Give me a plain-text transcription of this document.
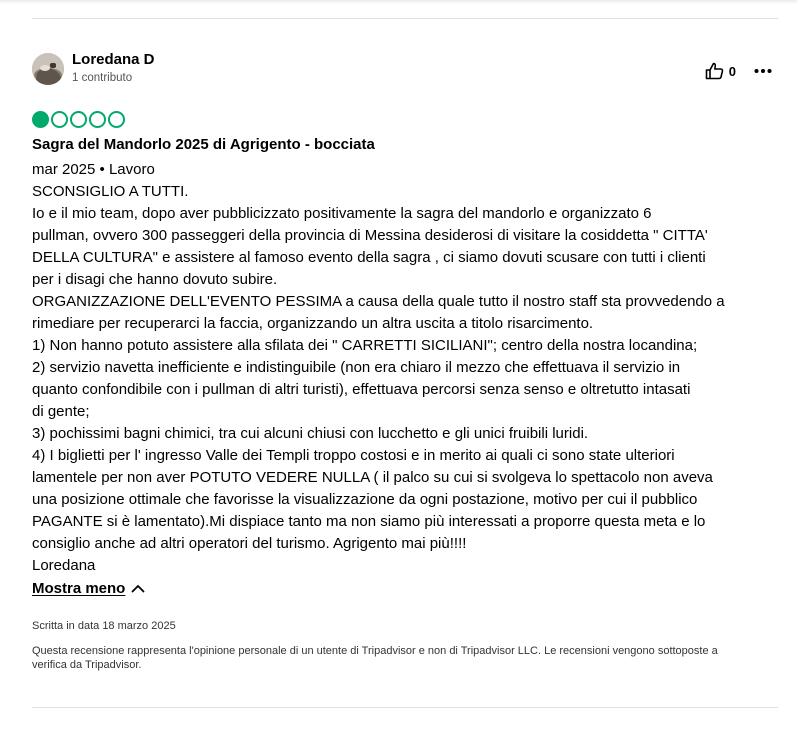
Loredana D
1 contributo	0
Sagra del Mandorlo 2025 di Agrigento - bocciata
mar 2025 • Lavoro
SCONSIGLIO A TUTTI.
Io e il mio team, dopo aver pubblicizzato positivamente la sagra del mandorlo e organizzato 6
pullman, ovvero 300 passeggeri della provincia di Messina desiderosi di visitare la cosiddetta " CITTA'
DELLA CULTURA" e assistere al famoso evento della sagra , ci siamo dovuti scusare con tutti i clienti
per i disagi che hanno dovuto subire.
ORGANIZZAZIONE DELL'EVENTO PESSIMA a causa della quale tutto il nostro staff sta provvedendo a
rimediare per recuperarci la faccia, organizzando un altra uscita a titolo risarcimento.
1) Non hanno potuto assistere alla sfilata dei " CARRETTI SICILIANI"; centro della nostra locandina;
2) servizio navetta inefficiente e indistinguibile (non era chiaro il mezzo che effettuava il servizio in
quanto confondibile con i pullman di altri turisti), effettuava percorsi senza senso e oltretutto intasati
di gente;
3) pochissimi bagni chimici, tra cui alcuni chiusi con lucchetto e gli unici fruibili luridi.
4) I biglietti per l' ingresso Valle dei Templi troppo costosi e in merito ai quali ci sono state ulteriori
lamentele per non aver POTUTO VEDERE NULLA ( il palco su cui si svolgeva lo spettacolo non aveva
una posizione ottimale che favorisse la visualizzazione da ogni postazione, motivo per cui il pubblico
PAGANTE si è lamentato).Mi dispiace tanto ma non siamo più interessati a proporre questa meta e lo
consiglio anche ad altri operatori del turismo. Agrigento mai più!!!!
Loredana
Mostra meno
Scritta in data 18 marzo 2025
Questa recensione rappresenta l'opinione personale di un utente di Tripadvisor e non di Tripadvisor LLC. Le recensioni vengono sottoposte a verifica da Tripadvisor.
